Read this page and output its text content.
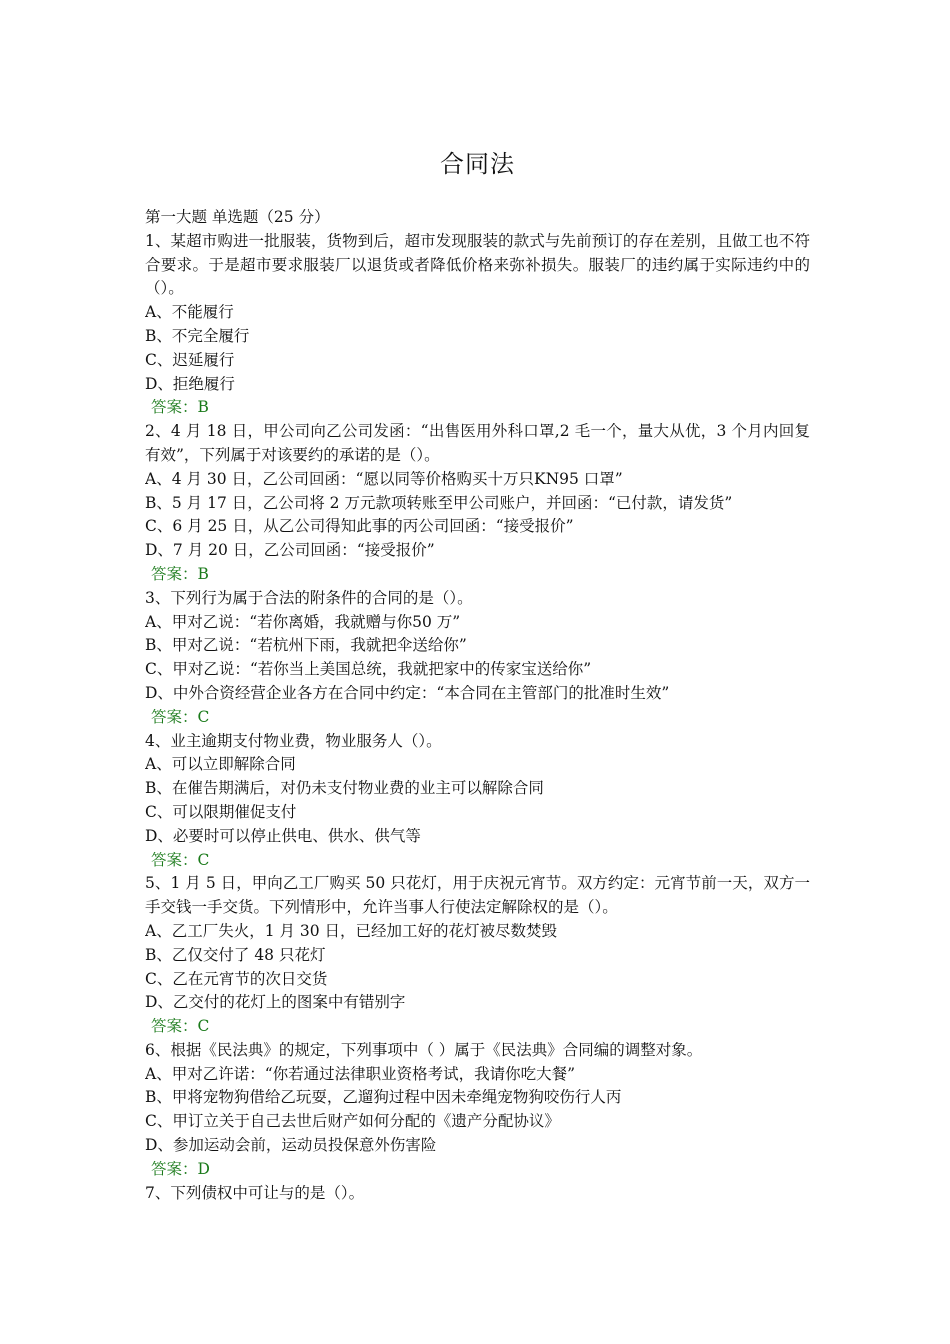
合同法
第一大题 单选题（25 分）
1、某超市购进一批服装，货物到后，超市发现服装的款式与先前预订的存在差别，且做工也不符合要求。于是超市要求服装厂以退货或者降低价格来弥补损失。服装厂的违约属于实际违约中的（）。
A、不能履行
B、不完全履行
C、迟延履行
D、拒绝履行
答案：B
2、4 月 18 日，甲公司向乙公司发函：“出售医用外科口罩,2 毛一个，量大从优，3 个月内回复有效”，下列属于对该要约的承诺的是（）。
A、4 月 30 日，乙公司回函：“愿以同等价格购买十万只KN95 口罩”
B、5 月 17 日，乙公司将 2 万元款项转账至甲公司账户，并回函：“已付款，请发货”
C、6 月 25 日，从乙公司得知此事的丙公司回函：“接受报价”
D、7 月 20 日，乙公司回函：“接受报价”
答案：B
3、下列行为属于合法的附条件的合同的是（）。
A、甲对乙说：“若你离婚，我就赠与你50 万”
B、甲对乙说：“若杭州下雨，我就把伞送给你”
C、甲对乙说：“若你当上美国总统，我就把家中的传家宝送给你”
D、中外合资经营企业各方在合同中约定：“本合同在主管部门的批准时生效”
答案：C
4、业主逾期支付物业费，物业服务人（）。
A、可以立即解除合同
B、在催告期满后，对仍未支付物业费的业主可以解除合同
C、可以限期催促支付
D、必要时可以停止供电、供水、供气等
答案：C
5、1 月 5 日，甲向乙工厂购买 50 只花灯，用于庆祝元宵节。双方约定：元宵节前一天，双方一手交钱一手交货。下列情形中，允许当事人行使法定解除权的是（）。
A、乙工厂失火，1 月 30 日，已经加工好的花灯被尽数焚毁
B、乙仅交付了 48 只花灯
C、乙在元宵节的次日交货
D、乙交付的花灯上的图案中有错别字
答案：C
6、根据《民法典》的规定，下列事项中（ ）属于《民法典》合同编的调整对象。
A、甲对乙许诺：“你若通过法律职业资格考试，我请你吃大餐”
B、甲将宠物狗借给乙玩耍，乙遛狗过程中因未牵绳宠物狗咬伤行人丙
C、甲订立关于自己去世后财产如何分配的《遗产分配协议》
D、参加运动会前，运动员投保意外伤害险
答案：D
7、下列债权中可让与的是（）。
